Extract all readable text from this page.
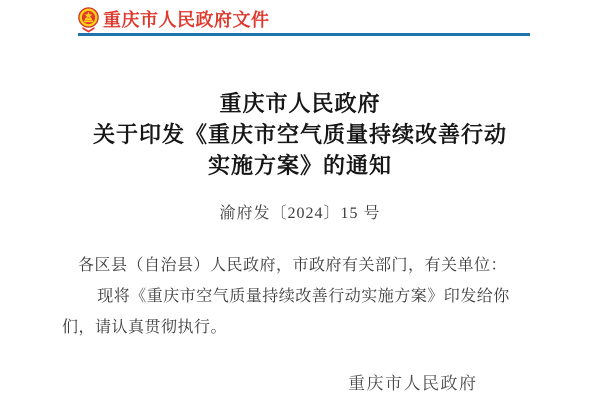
重庆市人民政府文件
重庆市人民政府
关于印发《重庆市空气质量持续改善行动
实施方案》的通知
渝府发〔2024〕15 号

各区县（自治县）人民政府，市政府有关部门，有关单位：

现将《重庆市空气质量持续改善行动实施方案》印发给你们，请认真贯彻执行。

重庆市人民政府
